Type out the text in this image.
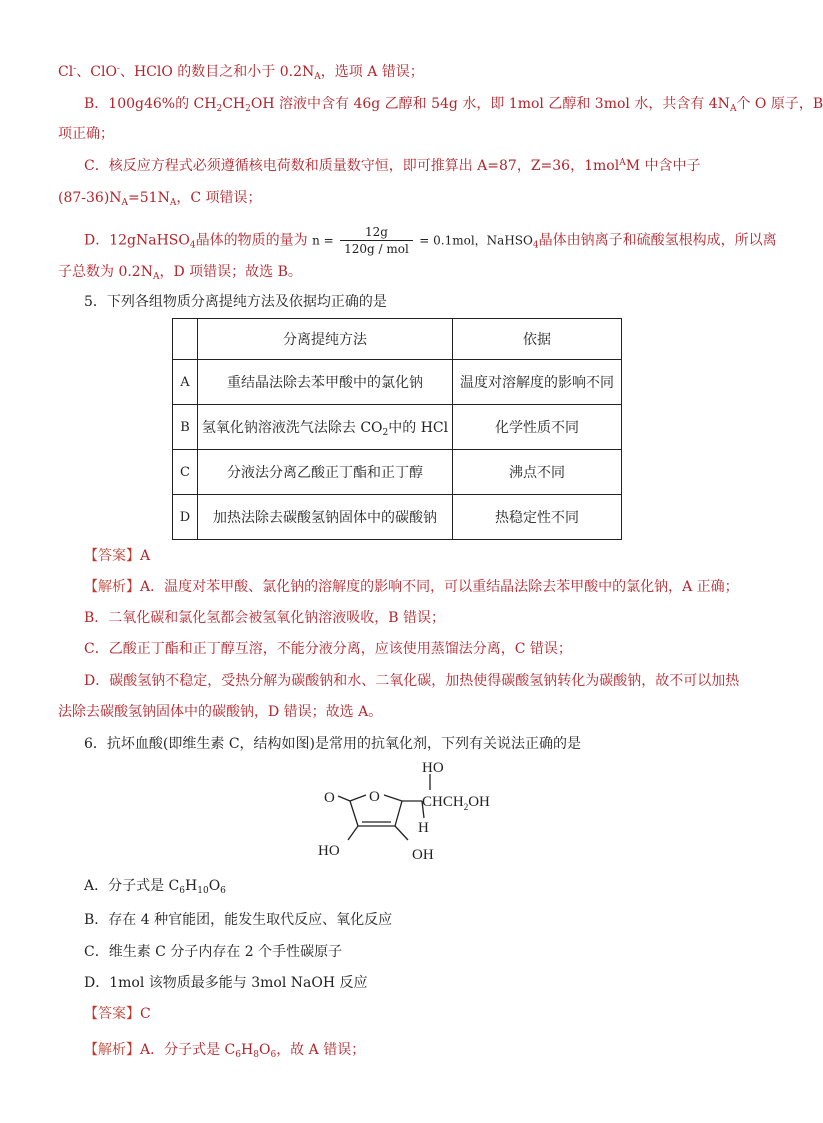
Cl-、ClO-、HClO 的数目之和小于 $0.2N_A$，选项 A 错误；
B．100g46%的 $CH_2CH_2OH$ 溶液中含有 46g 乙醇和 54g 水，即 1mol 乙醇和 3mol 水，共含有 $4N_A$个 O 原子，B
项正确；
C．核反应方程式必须遵循核电荷数和质量数守恒，即可推算出 A=87，Z=36，1mol$^A$M 中含中子
$(87-36)N_A=51N_A$，C 项错误；
D．12gNaHSO$_4$晶体的物质的量为 $n = \frac{12g}{\text{120g / mol}} = 0.1mol$，NaHSO$_4$晶体由钠离子和硫酸氢根构成，所以离
子总数为 $0.2N_A$，D 项错误；故选 B。
5．下列各组物质分离提纯方法及依据均正确的是
	分离提纯方法	依据
A	重结晶法除去苯甲酸中的氯化钠	温度对溶解度的影响不同
B	氢氧化钠溶液洗气法除去 $CO_2$中的 HCl	化学性质不同
C	分液法分离乙酸正丁酯和正丁醇	沸点不同
D	加热法除去碳酸氢钠固体中的碳酸钠	热稳定性不同
【答案】A
【解析】A．温度对苯甲酸、氯化钠的溶解度的影响不同，可以重结晶法除去苯甲酸中的氯化钠，A 正确；
B．二氧化碳和氯化氢都会被氢氧化钠溶液吸收，B 错误；
C．乙酸正丁酯和正丁醇互溶，不能分液分离，应该使用蒸馏法分离，C 错误；
D．碳酸氢钠不稳定，受热分解为碳酸钠和水、二氧化碳，加热使得碳酸氢钠转化为碳酸钠，故不可以加热
法除去碳酸氢钠固体中的碳酸钠，D 错误；故选 A。
6．抗坏血酸(即维生素 C，结构如图)是常用的抗氧化剂，下列有关说法正确的是
O O
HO
$CHCH_2OH$
H
HO	OH
A．分子式是 $C_6H_{10}O_6$
B．存在 4 种官能团，能发生取代反应、氧化反应
C．维生素 C 分子内存在 2 个手性碳原子
D．1mol 该物质最多能与 3mol NaOH 反应
【答案】C
【解析】A．分子式是 $C_6H_8O_6$，故 A 错误；
